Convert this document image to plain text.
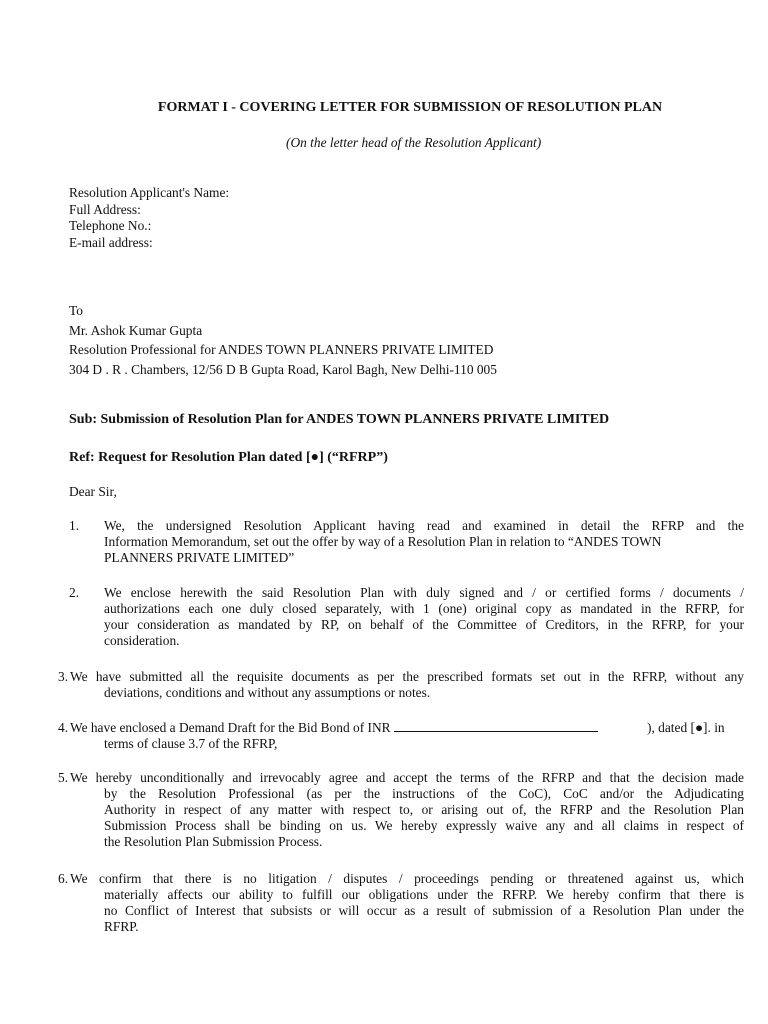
FORMAT I - COVERING LETTER FOR SUBMISSION OF RESOLUTION PLAN
(On the letter head of the Resolution Applicant)
Resolution Applicant's Name:
Full Address:
Telephone No.:
E-mail address:
To
Mr. Ashok Kumar Gupta
Resolution Professional for ANDES TOWN PLANNERS PRIVATE LIMITED
304 D . R . Chambers, 12/56 D B Gupta Road, Karol Bagh, New Delhi-110 005
Sub: Submission of Resolution Plan for ANDES TOWN PLANNERS PRIVATE LIMITED
Ref: Request for Resolution Plan dated [●] (“RFRP”)
Dear Sir,
1. We, the undersigned Resolution Applicant having read and examined in detail the RFRP and the
Information Memorandum, set out the offer by way of a Resolution Plan in relation to “ANDES TOWN
PLANNERS PRIVATE LIMITED”
2. We enclose herewith the said Resolution Plan with duly signed and / or certified forms / documents /
authorizations each one duly closed separately, with 1 (one) original copy as mandated in the RFRP, for
your consideration as mandated by RP, on behalf of the Committee of Creditors, in the RFRP, for your
consideration.
3. We have submitted all the requisite documents as per the prescribed formats set out in the RFRP, without any
deviations, conditions and without any assumptions or notes.
4. We have enclosed a Demand Draft for the Bid Bond of INR	), dated [●]. in
terms of clause 3.7 of the RFRP,
5. We hereby unconditionally and irrevocably agree and accept the terms of the RFRP and that the decision made
by the Resolution Professional (as per the instructions of the CoC), CoC and/or the Adjudicating
Authority in respect of any matter with respect to, or arising out of, the RFRP and the Resolution Plan
Submission Process shall be binding on us. We hereby expressly waive any and all claims in respect of
the Resolution Plan Submission Process.
6. We confirm that there is no litigation / disputes / proceedings pending or threatened against us, which
materially affects our ability to fulfill our obligations under the RFRP. We hereby confirm that there is
no Conflict of Interest that subsists or will occur as a result of submission of a Resolution Plan under the
RFRP.
